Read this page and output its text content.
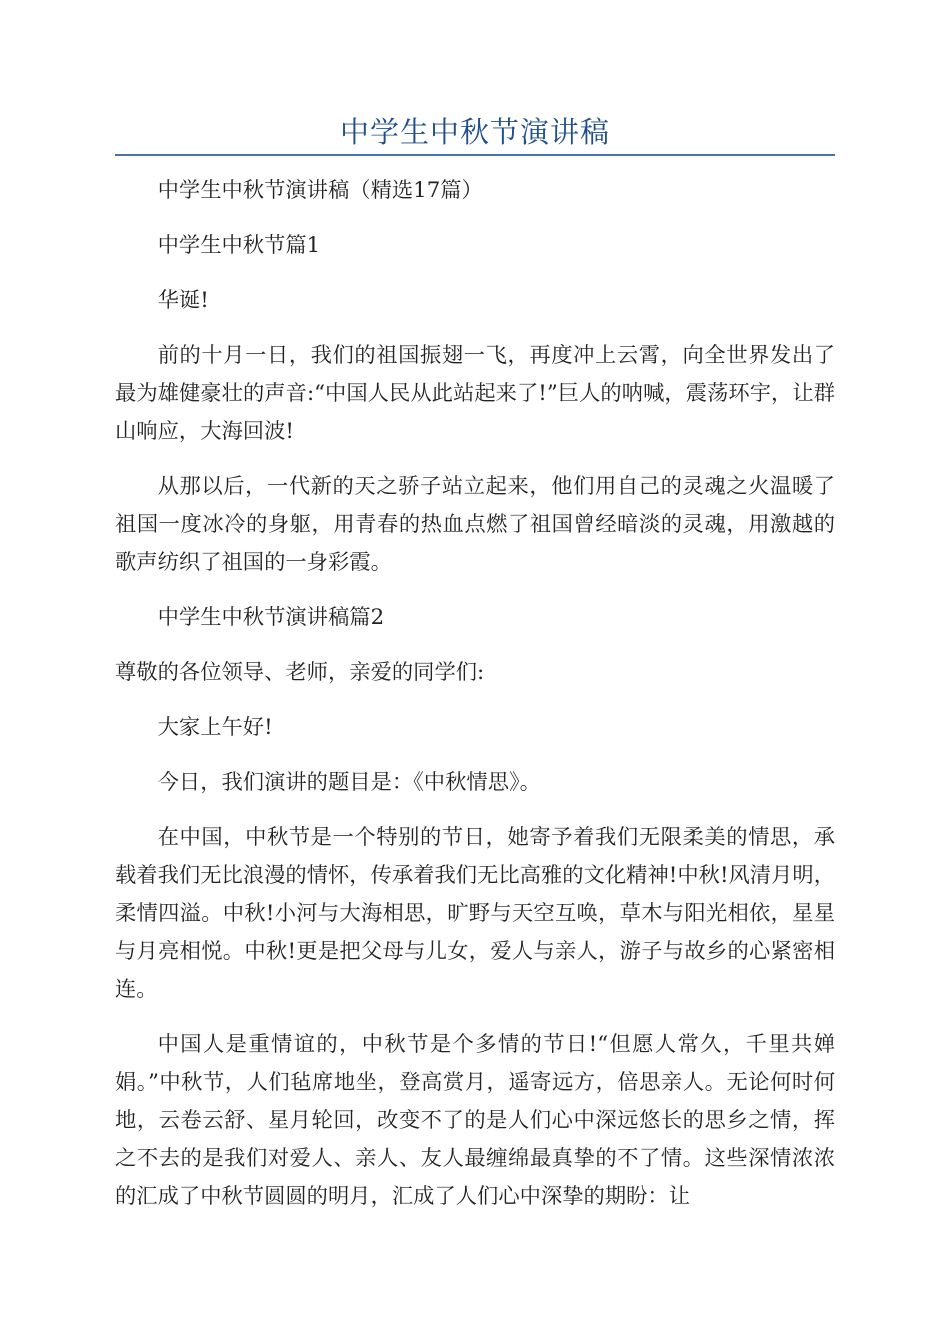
中学生中秋节演讲稿

中学生中秋节演讲稿（精选17篇）

中学生中秋节篇1

华诞!

前的十月一日，我们的祖国振翅一飞，再度冲上云霄，向全世界发出了最为雄健豪壮的声音:“中国人民从此站起来了!”巨人的呐喊，震荡环宇，让群山响应，大海回波!

从那以后，一代新的天之骄子站立起来，他们用自己的灵魂之火温暖了祖国一度冰冷的身躯，用青春的热血点燃了祖国曾经暗淡的灵魂，用激越的歌声纺织了祖国的一身彩霞。

中学生中秋节演讲稿篇2

尊敬的各位领导、老师，亲爱的同学们:

大家上午好!

今日，我们演讲的题目是：《中秋情思》。

在中国，中秋节是一个特别的节日，她寄予着我们无限柔美的情思，承载着我们无比浪漫的情怀，传承着我们无比高雅的文化精神!中秋!风清月明，柔情四溢。中秋!小河与大海相思，旷野与天空互唤，草木与阳光相依，星星与月亮相悦。中秋!更是把父母与儿女，爱人与亲人，游子与故乡的心紧密相连。

中国人是重情谊的，中秋节是个多情的节日!“但愿人常久，千里共婵娟。”中秋节，人们毡席地坐，登高赏月，遥寄远方，倍思亲人。无论何时何地，云卷云舒、星月轮回，改变不了的是人们心中深远悠长的思乡之情，挥之不去的是我们对爱人、亲人、友人最缠绵最真挚的不了情。这些深情浓浓的汇成了中秋节圆圆的明月，汇成了人们心中深挚的期盼：让
